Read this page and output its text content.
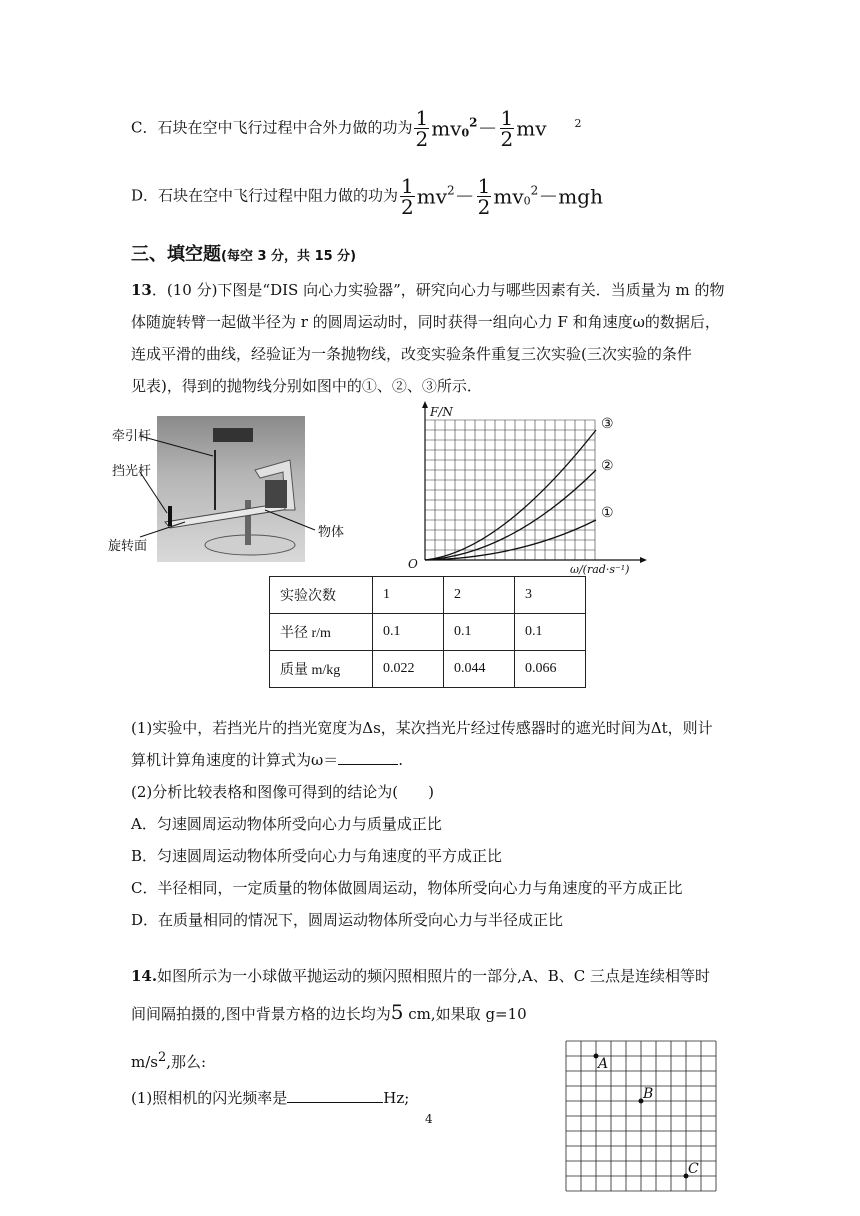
C．石块在空中飞行过程中合外力做的功为 $\frac{1}{2} mv_0^2- \frac{1}{2}$ mv	$^2$
D．石块在空中飞行过程中阻力做的功为 $\frac{1}{2} mv^2- \frac{1}{2} mv_0^2-mgh$
三、填空题(每空 3 分，共 15 分)
13．(10 分)下图是“DIS 向心力实验器”，研究向心力与哪些因素有关．当质量为 m 的物
体随旋转臂一起做半径为 r 的圆周运动时，同时获得一组向心力 F 和角速度ω的数据后，
连成平滑的曲线，经验证为一条抛物线，改变实验条件重复三次实验(三次实验的条件
见表)，得到的抛物线分别如图中的①、②、③所示．
牵引杆
挡光杆
旋转面
物体
F/N
ω/(rad·s⁻¹)
O
①
②
③
实验次数	1	2	3
半径 r/m	0.1	0.1	0.1
质量 m/kg	0.022	0.044	0.066
(1)实验中，若挡光片的挡光宽度为Δs，某次挡光片经过传感器时的遮光时间为Δt，则计
算机计算角速度的计算式为ω＝	.
(2)分析比较表格和图像可得到的结论为(　　)
A．匀速圆周运动物体所受向心力与质量成正比
B．匀速圆周运动物体所受向心力与角速度的平方成正比
C．半径相同，一定质量的物体做圆周运动，物体所受向心力与角速度的平方成正比
D．在质量相同的情况下，圆周运动物体所受向心力与半径成正比
14.如图所示为一小球做平抛运动的频闪照相照片的一部分,A、B、C 三点是连续相等时
间间隔拍摄的,图中背景方格的边长均为5 cm,如果取 g=10
$m/s^2$,那么:
(1)照相机的闪光频率是	Hz;
A
B
C
4
